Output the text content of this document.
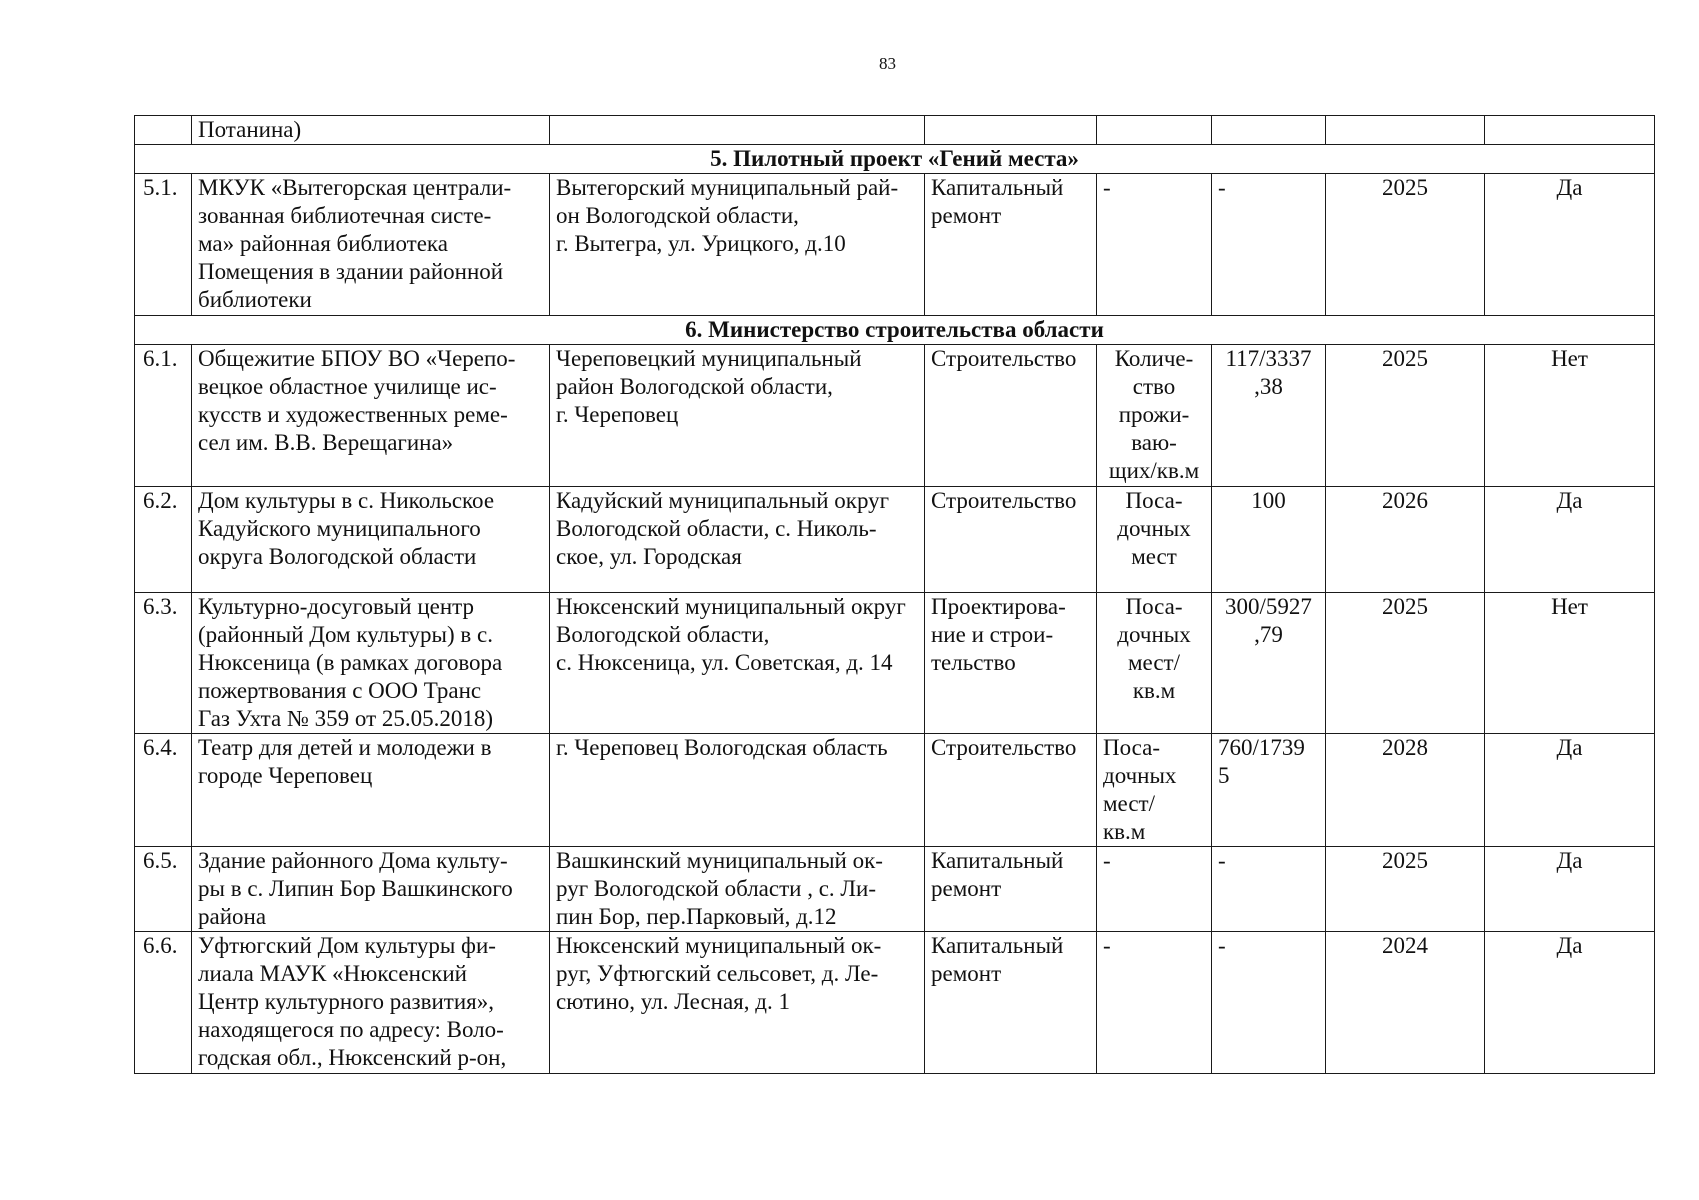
83
	Потанина)						
5. Пилотный проект «Гений места»							
5.1.	МКУК «Вытегорская централи-
зованная библиотечная систе-
ма» районная библиотека
Помещения в здании районной
библиотеки	Вытегорский муниципальный рай-
он Вологодской области,
г. Вытегра, ул. Урицкого, д.10	Капитальный
ремонт	-	-	2025	Да
6. Министерство строительства области							
6.1.	Общежитие БПОУ ВО «Черепо-
вецкое областное училище ис-
кусств и художественных реме-
сел им. В.В. Верещагина»	Череповецкий муниципальный
район Вологодской области,
г. Череповец	Строительство	Количе-
ство
прожи-
ваю-
щих/кв.м	117/3337
,38	2025	Нет
6.2.	Дом культуры в с. Никольское
Кадуйского муниципального
округа Вологодской области	Кадуйский муниципальный округ
Вологодской области, с. Николь-
ское, ул. Городская	Строительство	Поса-
дочных
мест	100	2026	Да
6.3.	Культурно-досуговый центр
(районный Дом культуры) в с.
Нюксеница (в рамках договора
пожертвования с ООО Транс
Газ Ухта № 359 от 25.05.2018)	Нюксенский муниципальный округ
Вологодской области,
с. Нюксеница, ул. Советская, д. 14	Проектирова-
ние и строи-
тельство	Поса-
дочных
мест/
кв.м	300/5927
,79	2025	Нет
6.4.	Театр для детей и молодежи в
городе Череповец	г. Череповец Вологодская область	Строительство	Поса-
дочных
мест/
кв.м	760/1739
5	2028	Да
6.5.	Здание районного Дома культу-
ры в с. Липин Бор Вашкинского
района	Вашкинский муниципальный ок-
руг Вологодской области , с. Ли-
пин Бор, пер.Парковый, д.12	Капитальный
ремонт	-	-	2025	Да
6.6.	Уфтюгский Дом культуры фи-
лиала МАУК «Нюксенский
Центр культурного развития»,
находящегося по адресу: Воло-
годская обл., Нюксенский р-он,	Нюксенский муниципальный ок-
руг, Уфтюгский сельсовет, д. Ле-
сютино, ул. Лесная, д. 1	Капитальный
ремонт	-	-	2024	Да
